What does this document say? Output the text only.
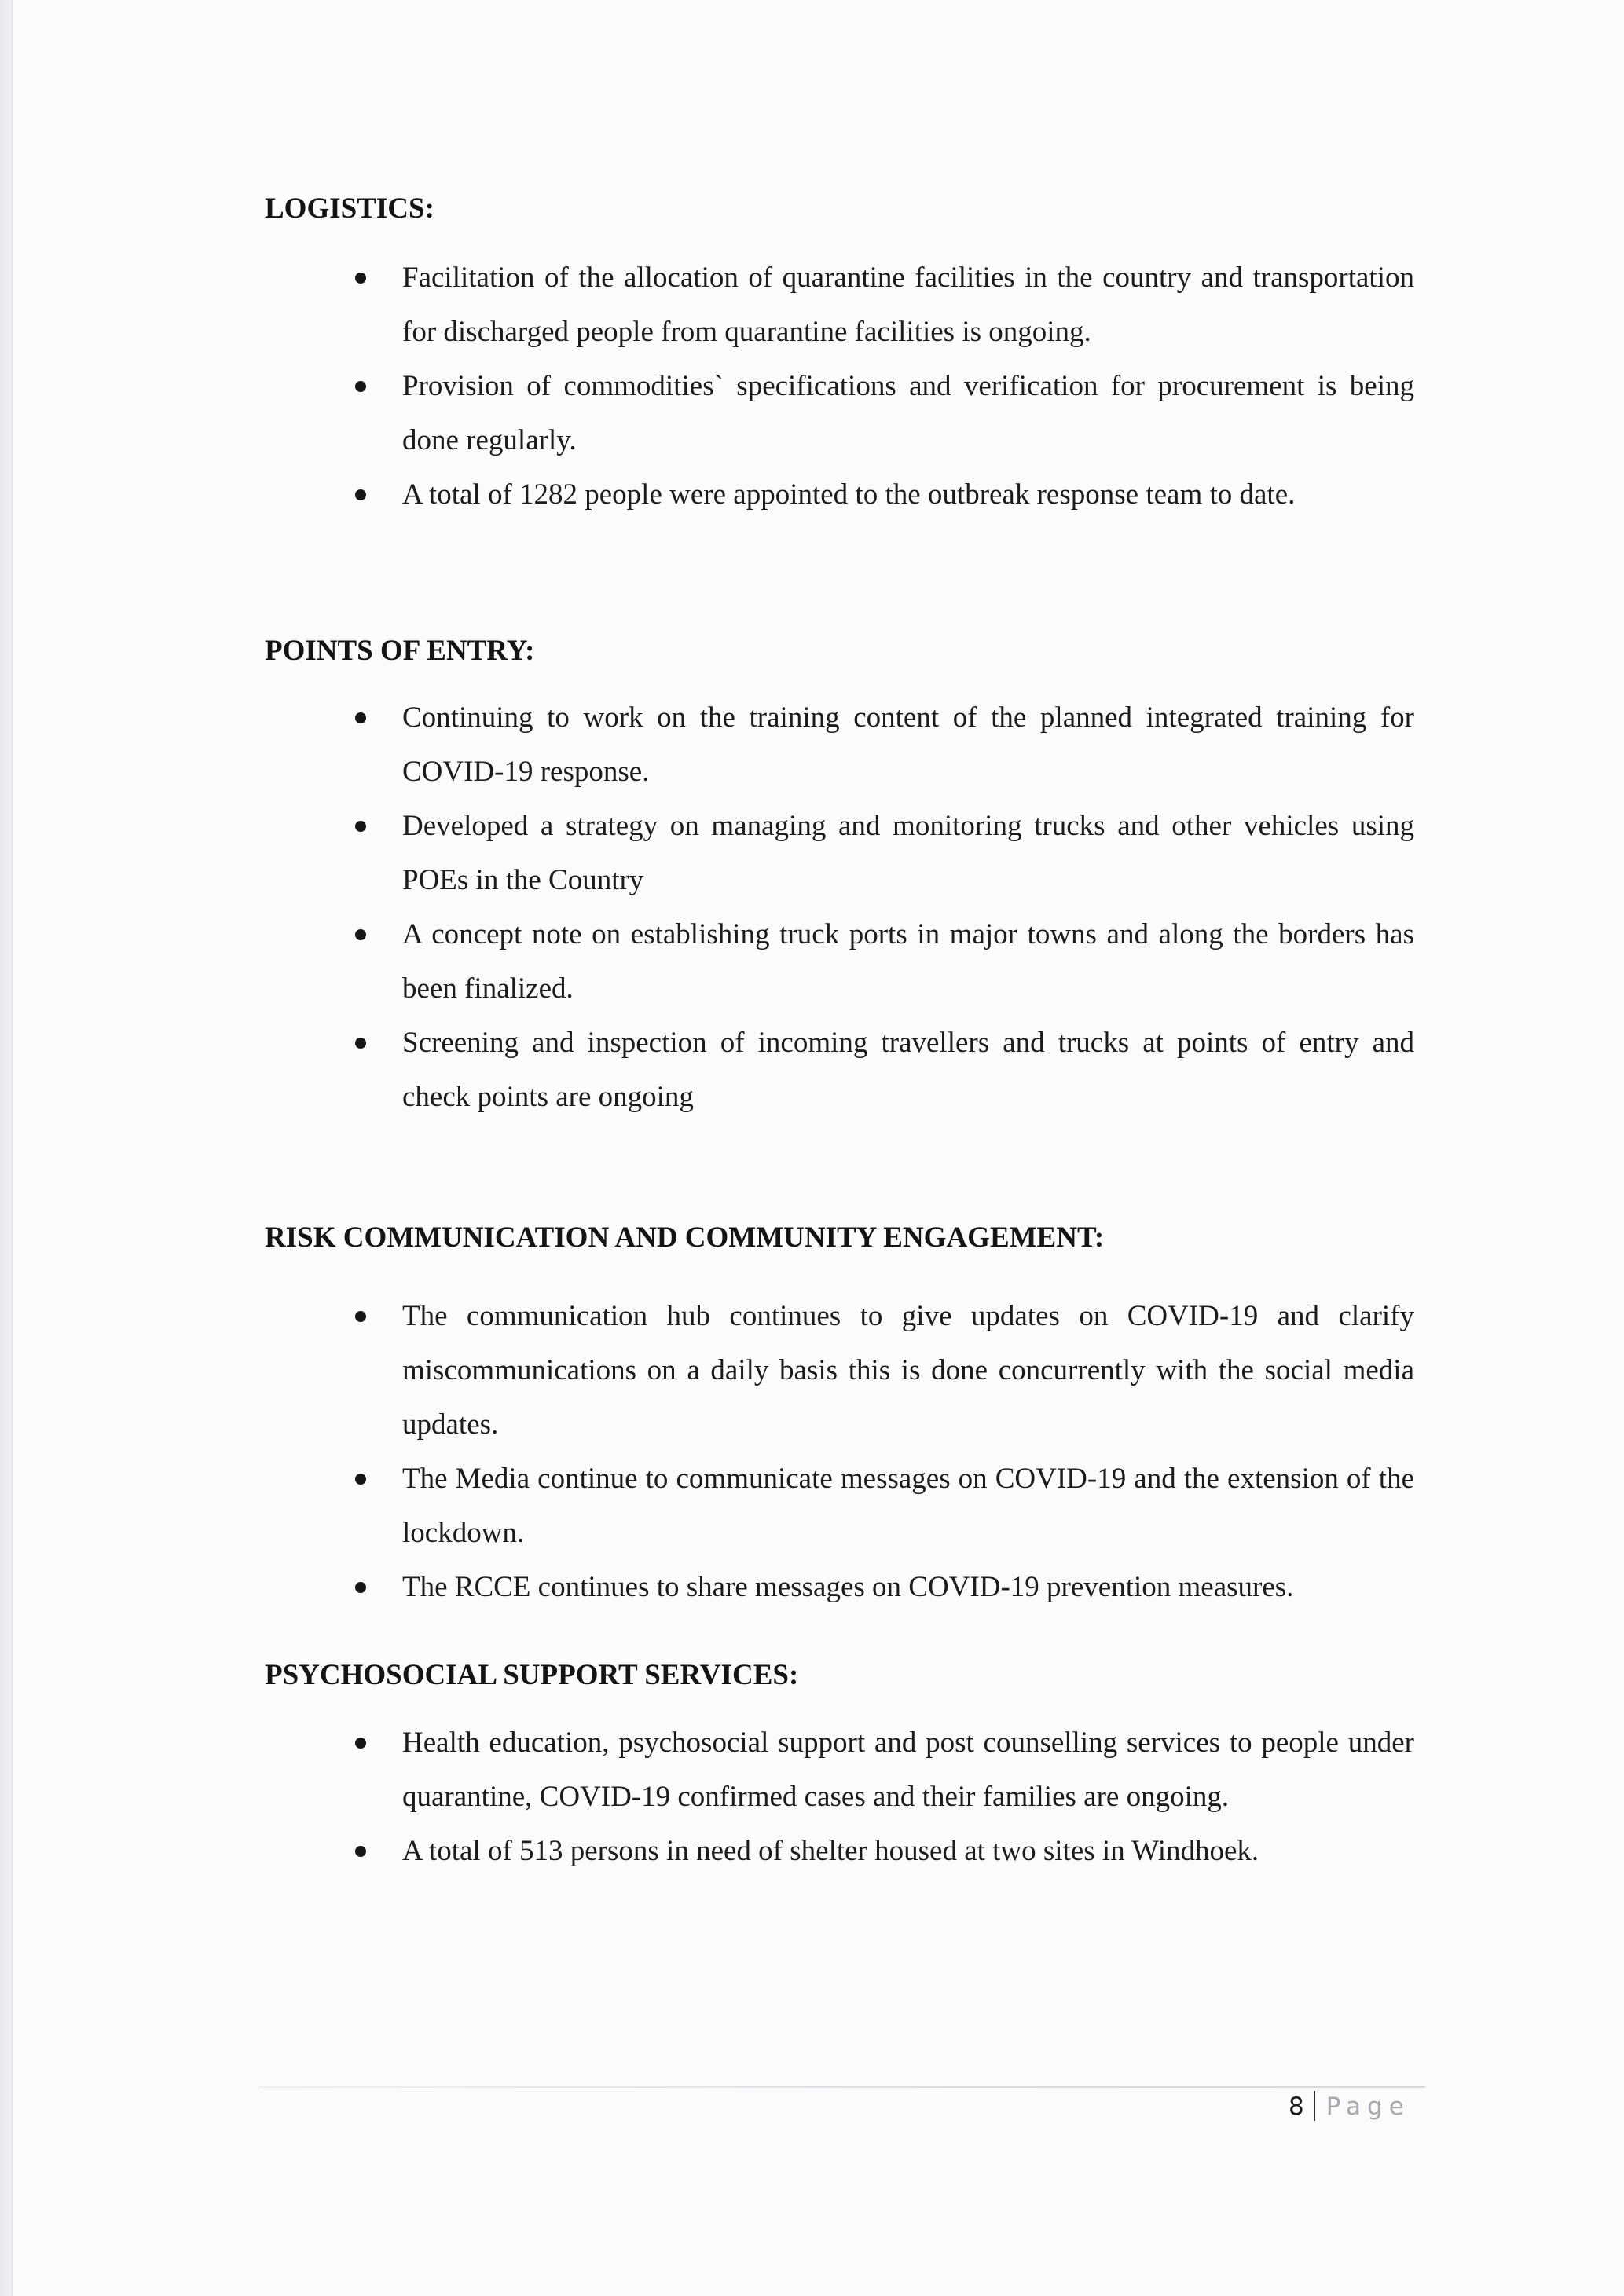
LOGISTICS:
Facilitation of the allocation of quarantine facilities in the country and transportation for discharged people from quarantine facilities is ongoing.
Provision of commodities` specifications and verification for procurement is being done regularly.
A total of 1282 people were appointed to the outbreak response team to date.
POINTS OF ENTRY:
Continuing to work on the training content of the planned integrated training for COVID-19 response.
Developed a strategy on managing and monitoring trucks and other vehicles using POEs in the Country
A concept note on establishing truck ports in major towns and along the borders has been finalized.
Screening and inspection of incoming travellers and trucks at points of entry and check points are ongoing
RISK COMMUNICATION AND COMMUNITY ENGAGEMENT:
The communication hub continues to give updates on COVID-19 and clarify miscommunications on a daily basis this is done concurrently with the social media updates.
The Media continue to communicate messages on COVID-19 and the extension of the lockdown.
The RCCE continues to share messages on COVID-19 prevention measures.
PSYCHOSOCIAL SUPPORT SERVICES:
Health education, psychosocial support and post counselling services to people under quarantine, COVID-19 confirmed cases and their families are ongoing.
A total of 513 persons in need of shelter housed at two sites in Windhoek.
8 Page
